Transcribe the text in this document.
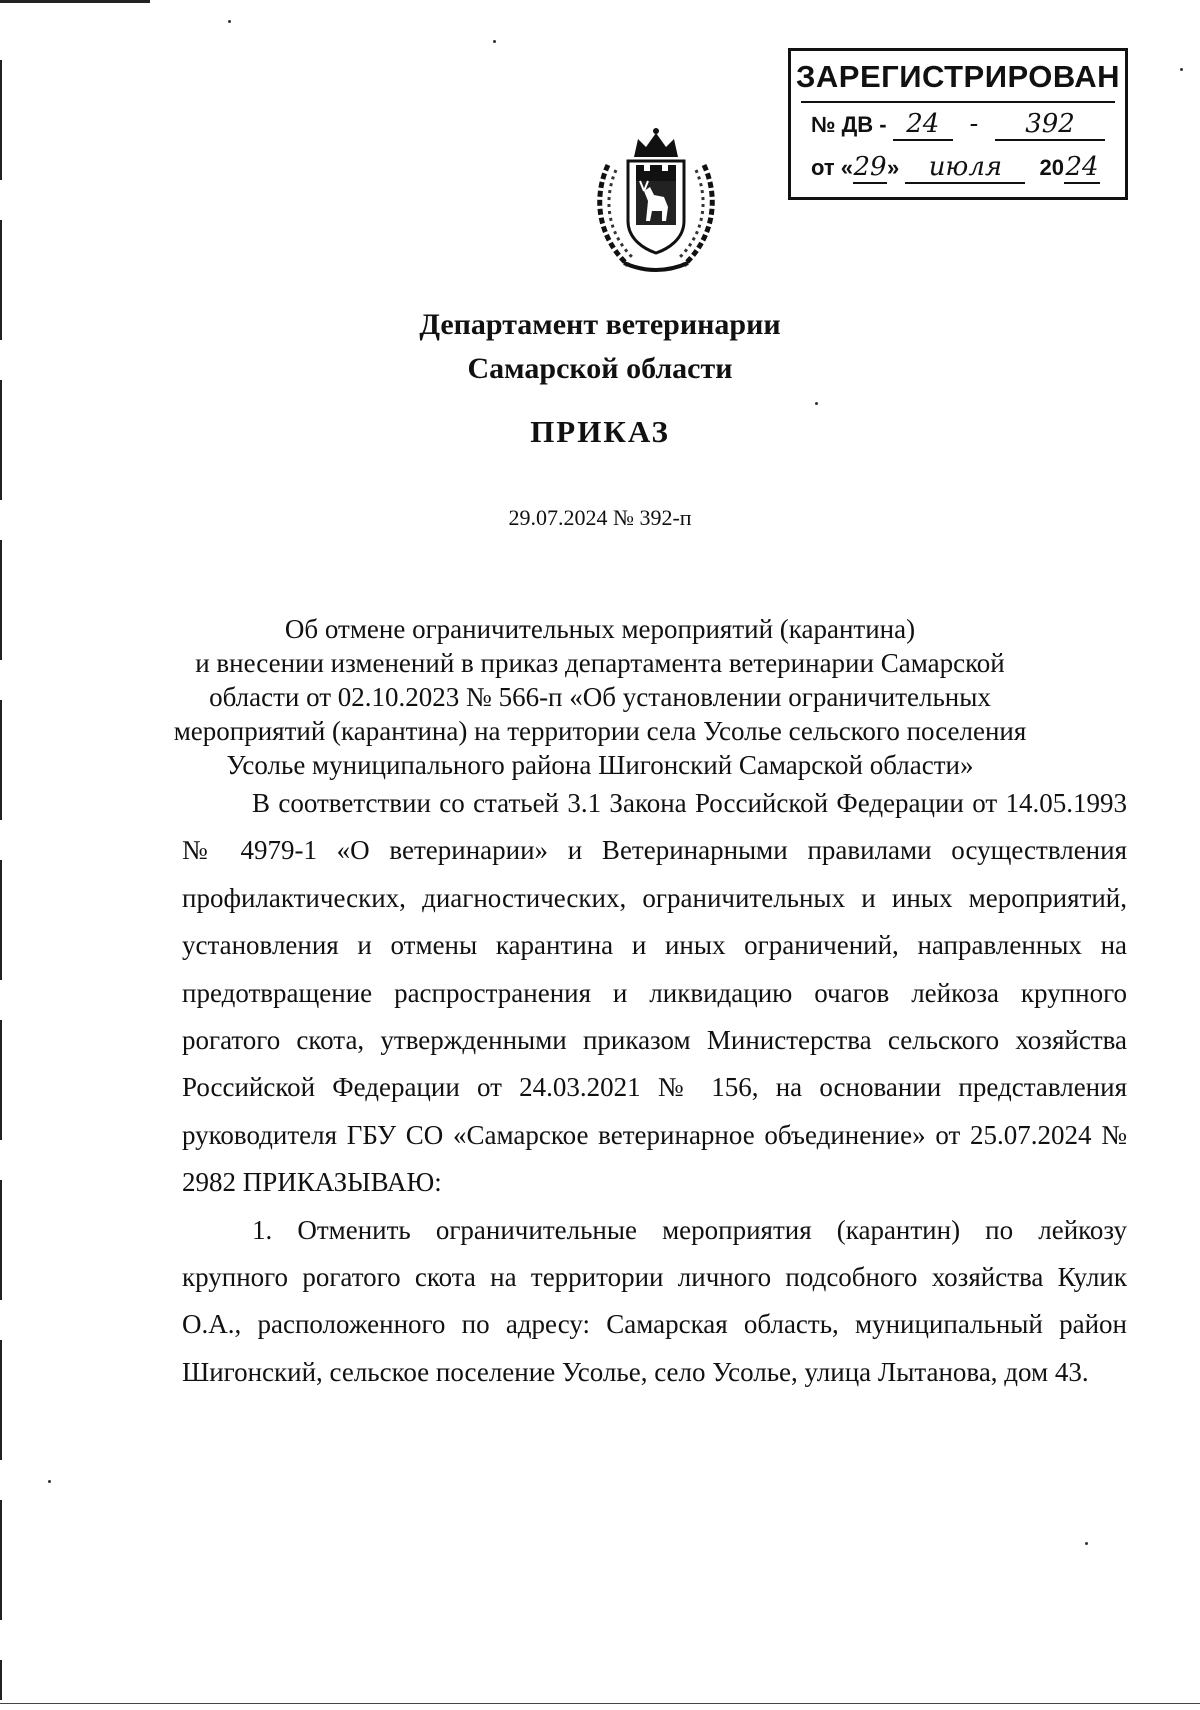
ЗАРЕГИСТРИРОВАН
№ ДВ - 24 - 392
от «29» июля 2024
Департамент ветеринарии
Самарской области
ПРИКАЗ
29.07.2024 № 392-п
Об отмене ограничительных мероприятий (карантина)
и внесении изменений в приказ департамента ветеринарии Самарской
области от 02.10.2023 № 566-п «Об установлении ограничительных
мероприятий (карантина) на территории села Усолье сельского поселения
Усолье муниципального района Шигонский Самарской области»

В соответствии со статьей 3.1 Закона Российской Федерации от 14.05.1993 № 4979-1 «О ветеринарии» и Ветеринарными правилами осуществления профилактических, диагностических, ограничительных и иных мероприятий, установления и отмены карантина и иных ограничений, направленных на предотвращение распространения и ликвидацию очагов лейкоза крупного рогатого скота, утвержденными приказом Министерства сельского хозяйства Российской Федерации от 24.03.2021 № 156, на основании представления руководителя ГБУ СО «Самарское ветеринарное объединение» от 25.07.2024 № 2982 ПРИКАЗЫВАЮ:

1. Отменить ограничительные мероприятия (карантин) по лейкозу крупного рогатого скота на территории личного подсобного хозяйства Кулик О.А., расположенного по адресу: Самарская область, муниципальный район Шигонский, сельское поселение Усолье, село Усолье, улица Лытанова, дом 43.
